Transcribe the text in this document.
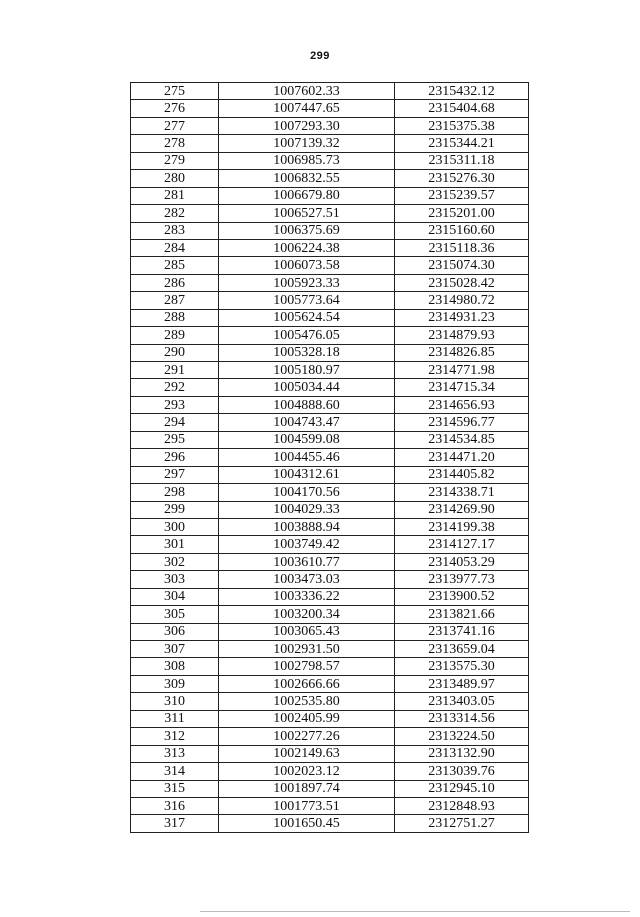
299
275	1007602.33	2315432.12
276	1007447.65	2315404.68
277	1007293.30	2315375.38
278	1007139.32	2315344.21
279	1006985.73	2315311.18
280	1006832.55	2315276.30
281	1006679.80	2315239.57
282	1006527.51	2315201.00
283	1006375.69	2315160.60
284	1006224.38	2315118.36
285	1006073.58	2315074.30
286	1005923.33	2315028.42
287	1005773.64	2314980.72
288	1005624.54	2314931.23
289	1005476.05	2314879.93
290	1005328.18	2314826.85
291	1005180.97	2314771.98
292	1005034.44	2314715.34
293	1004888.60	2314656.93
294	1004743.47	2314596.77
295	1004599.08	2314534.85
296	1004455.46	2314471.20
297	1004312.61	2314405.82
298	1004170.56	2314338.71
299	1004029.33	2314269.90
300	1003888.94	2314199.38
301	1003749.42	2314127.17
302	1003610.77	2314053.29
303	1003473.03	2313977.73
304	1003336.22	2313900.52
305	1003200.34	2313821.66
306	1003065.43	2313741.16
307	1002931.50	2313659.04
308	1002798.57	2313575.30
309	1002666.66	2313489.97
310	1002535.80	2313403.05
311	1002405.99	2313314.56
312	1002277.26	2313224.50
313	1002149.63	2313132.90
314	1002023.12	2313039.76
315	1001897.74	2312945.10
316	1001773.51	2312848.93
317	1001650.45	2312751.27
